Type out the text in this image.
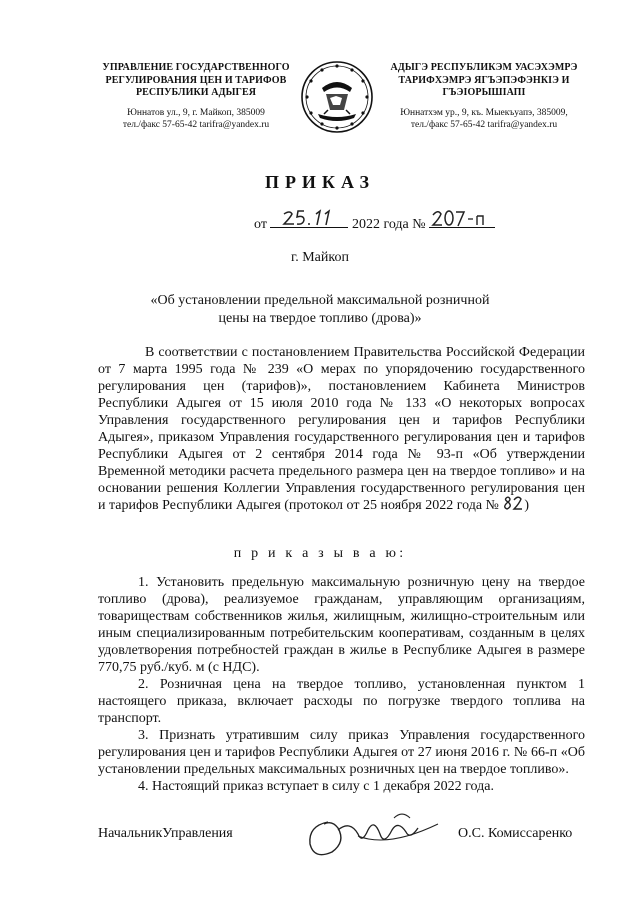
УПРАВЛЕНИЕ ГОСУДАРСТВЕННОГО
РЕГУЛИРОВАНИЯ ЦЕН И ТАРИФОВ
РЕСПУБЛИКИ АДЫГЕЯ
Юннатов ул., 9, г. Майкоп, 385009
тел./факс 57-65-42 tarifra@yandex.ru
АДЫГЭ РЕСПУБЛИКЭМ УАСЭХЭМРЭ
ТАРИФХЭМРЭ ЯГЪЭПЭФЭНКIЭ И
ГЪЭIОРЫШIАПI
Юннатхэм ур., 9, къ. Мыекъуапэ, 385009,
тел./факс 57-65-42 tarifra@yandex.ru
ПРИКАЗ
от	2022 года №
г. Майкоп
«Об установлении предельной максимальной розничной цены на твердое топливо (дрова)»
В соответствии с постановлением Правительства Российской Федерации от 7 марта 1995 года № 239 «О мерах по упорядочению государственного регулирования цен (тарифов)», постановлением Кабинета Министров Республики Адыгея от 15 июля 2010 года № 133 «О некоторых вопросах Управления государственного регулирования цен и тарифов Республики Адыгея», приказом Управления государственного регулирования цен и тарифов Республики Адыгея от 2 сентября 2014 года № 93-п «Об утверждении Временной методики расчета предельного размера цен на твердое топливо» и на основании решения Коллегии Управления государственного регулирования цен и тарифов Республики Адыгея (протокол от 25 ноября 2022 года № )
п р и к а з ы в а ю:

1. Установить предельную максимальную розничную цену на твердое топливо (дрова), реализуемое гражданам, управляющим организациям, товариществам собственников жилья, жилищным, жилищно-строительным или иным специализированным потребительским кооперативам, созданным в целях удовлетворения потребностей граждан в жилье в Республике Адыгея в размере 770,75 руб./куб. м (с НДС).

2. Розничная цена на твердое топливо, установленная пунктом 1 настоящего приказа, включает расходы по погрузке твердого топлива на транспорт.

3. Признать утратившим силу приказ Управления государственного регулирования цен и тарифов Республики Адыгея от 27 июня 2016 г. № 66-п «Об установлении предельных максимальных розничных цен на твердое топливо».

4. Настоящий приказ вступает в силу с 1 декабря 2022 года.

НачальникУправления	О.С. Комиссаренко
